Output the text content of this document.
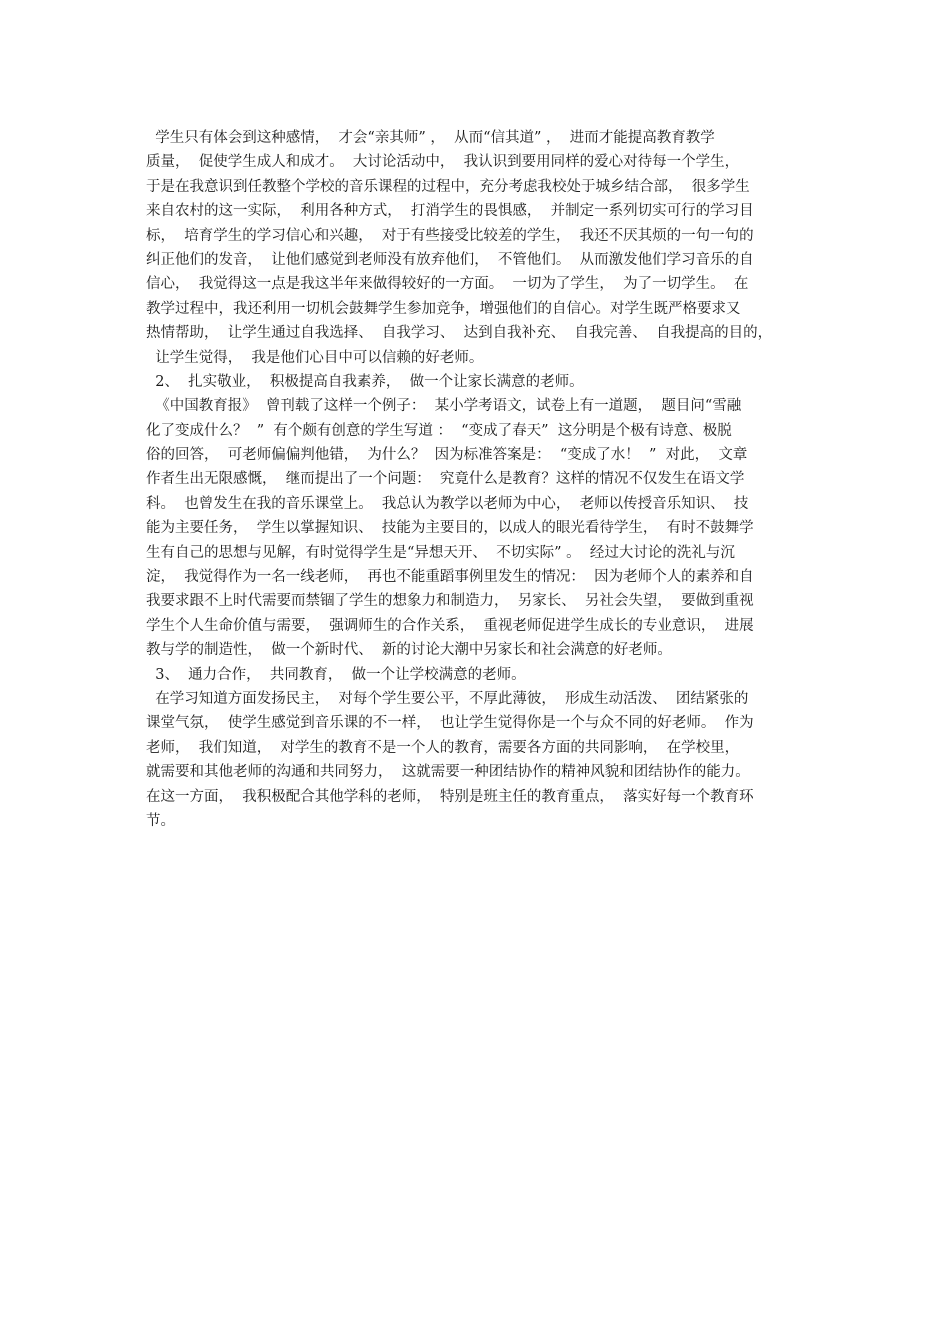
学生只有体会到这种感情，  才会“亲其师” ，  从而“信其道” ，  进而才能提高教育教学
质量，  促使学生成人和成才。  大讨论活动中，  我认识到要用同样的爱心对待每一个学生，
于是在我意识到任教整个学校的音乐课程的过程中，充分考虑我校处于城乡结合部，  很多学生
来自农村的这一实际，  利用各种方式，  打消学生的畏惧感，  并制定一系列切实可行的学习目
标，  培育学生的学习信心和兴趣，  对于有些接受比较差的学生，  我还不厌其烦的一句一句的
纠正他们的发音，  让他们感觉到老师没有放弃他们，  不管他们。  从而激发他们学习音乐的自
信心，  我觉得这一点是我这半年来做得较好的一方面。  一切为了学生，  为了一切学生。  在
教学过程中，我还利用一切机会鼓舞学生参加竞争，增强他们的自信心。对学生既严格要求又
热情帮助，  让学生通过自我选择、  自我学习、  达到自我补充、  自我完善、  自我提高的目的，
让学生觉得，  我是他们心目中可以信赖的好老师。
2、  扎实敬业，  积极提高自我素养，  做一个让家长满意的老师。
《中国教育报》  曾刊载了这样一个例子：  某小学考语文，试卷上有一道题，  题目问“雪融
化了变成什么？  ”  有个颇有创意的学生写道 ：  “变成了春天”  这分明是个极有诗意、极脱
俗的回答，  可老师偏偏判他错，  为什么？  因为标准答案是：  “变成了水！  ”  对此，  文章
作者生出无限感慨，  继而提出了一个问题：  究竟什么是教育？这样的情况不仅发生在语文学
科。  也曾发生在我的音乐课堂上。  我总认为教学以老师为中心，  老师以传授音乐知识、  技
能为主要任务，  学生以掌握知识、  技能为主要目的，以成人的眼光看待学生，  有时不鼓舞学
生有自己的思想与见解，有时觉得学生是“异想天开、  不切实际” 。  经过大讨论的洗礼与沉
淀，  我觉得作为一名一线老师，  再也不能重蹈事例里发生的情况：  因为老师个人的素养和自
我要求跟不上时代需要而禁锢了学生的想象力和制造力，  另家长、  另社会失望，  要做到重视
学生个人生命价值与需要，  强调师生的合作关系，  重视老师促进学生成长的专业意识，  进展
教与学的制造性，  做一个新时代、  新的讨论大潮中另家长和社会满意的好老师。
3、  通力合作，  共同教育，  做一个让学校满意的老师。
在学习知道方面发扬民主，  对每个学生要公平，不厚此薄彼，  形成生动活泼、  团结紧张的
课堂气氛，  使学生感觉到音乐课的不一样，  也让学生觉得你是一个与众不同的好老师。  作为
老师，  我们知道，  对学生的教育不是一个人的教育，需要各方面的共同影响，  在学校里，
就需要和其他老师的沟通和共同努力，  这就需要一种团结协作的精神风貌和团结协作的能力。
在这一方面，  我积极配合其他学科的老师，  特别是班主任的教育重点，  落实好每一个教育环
节。
